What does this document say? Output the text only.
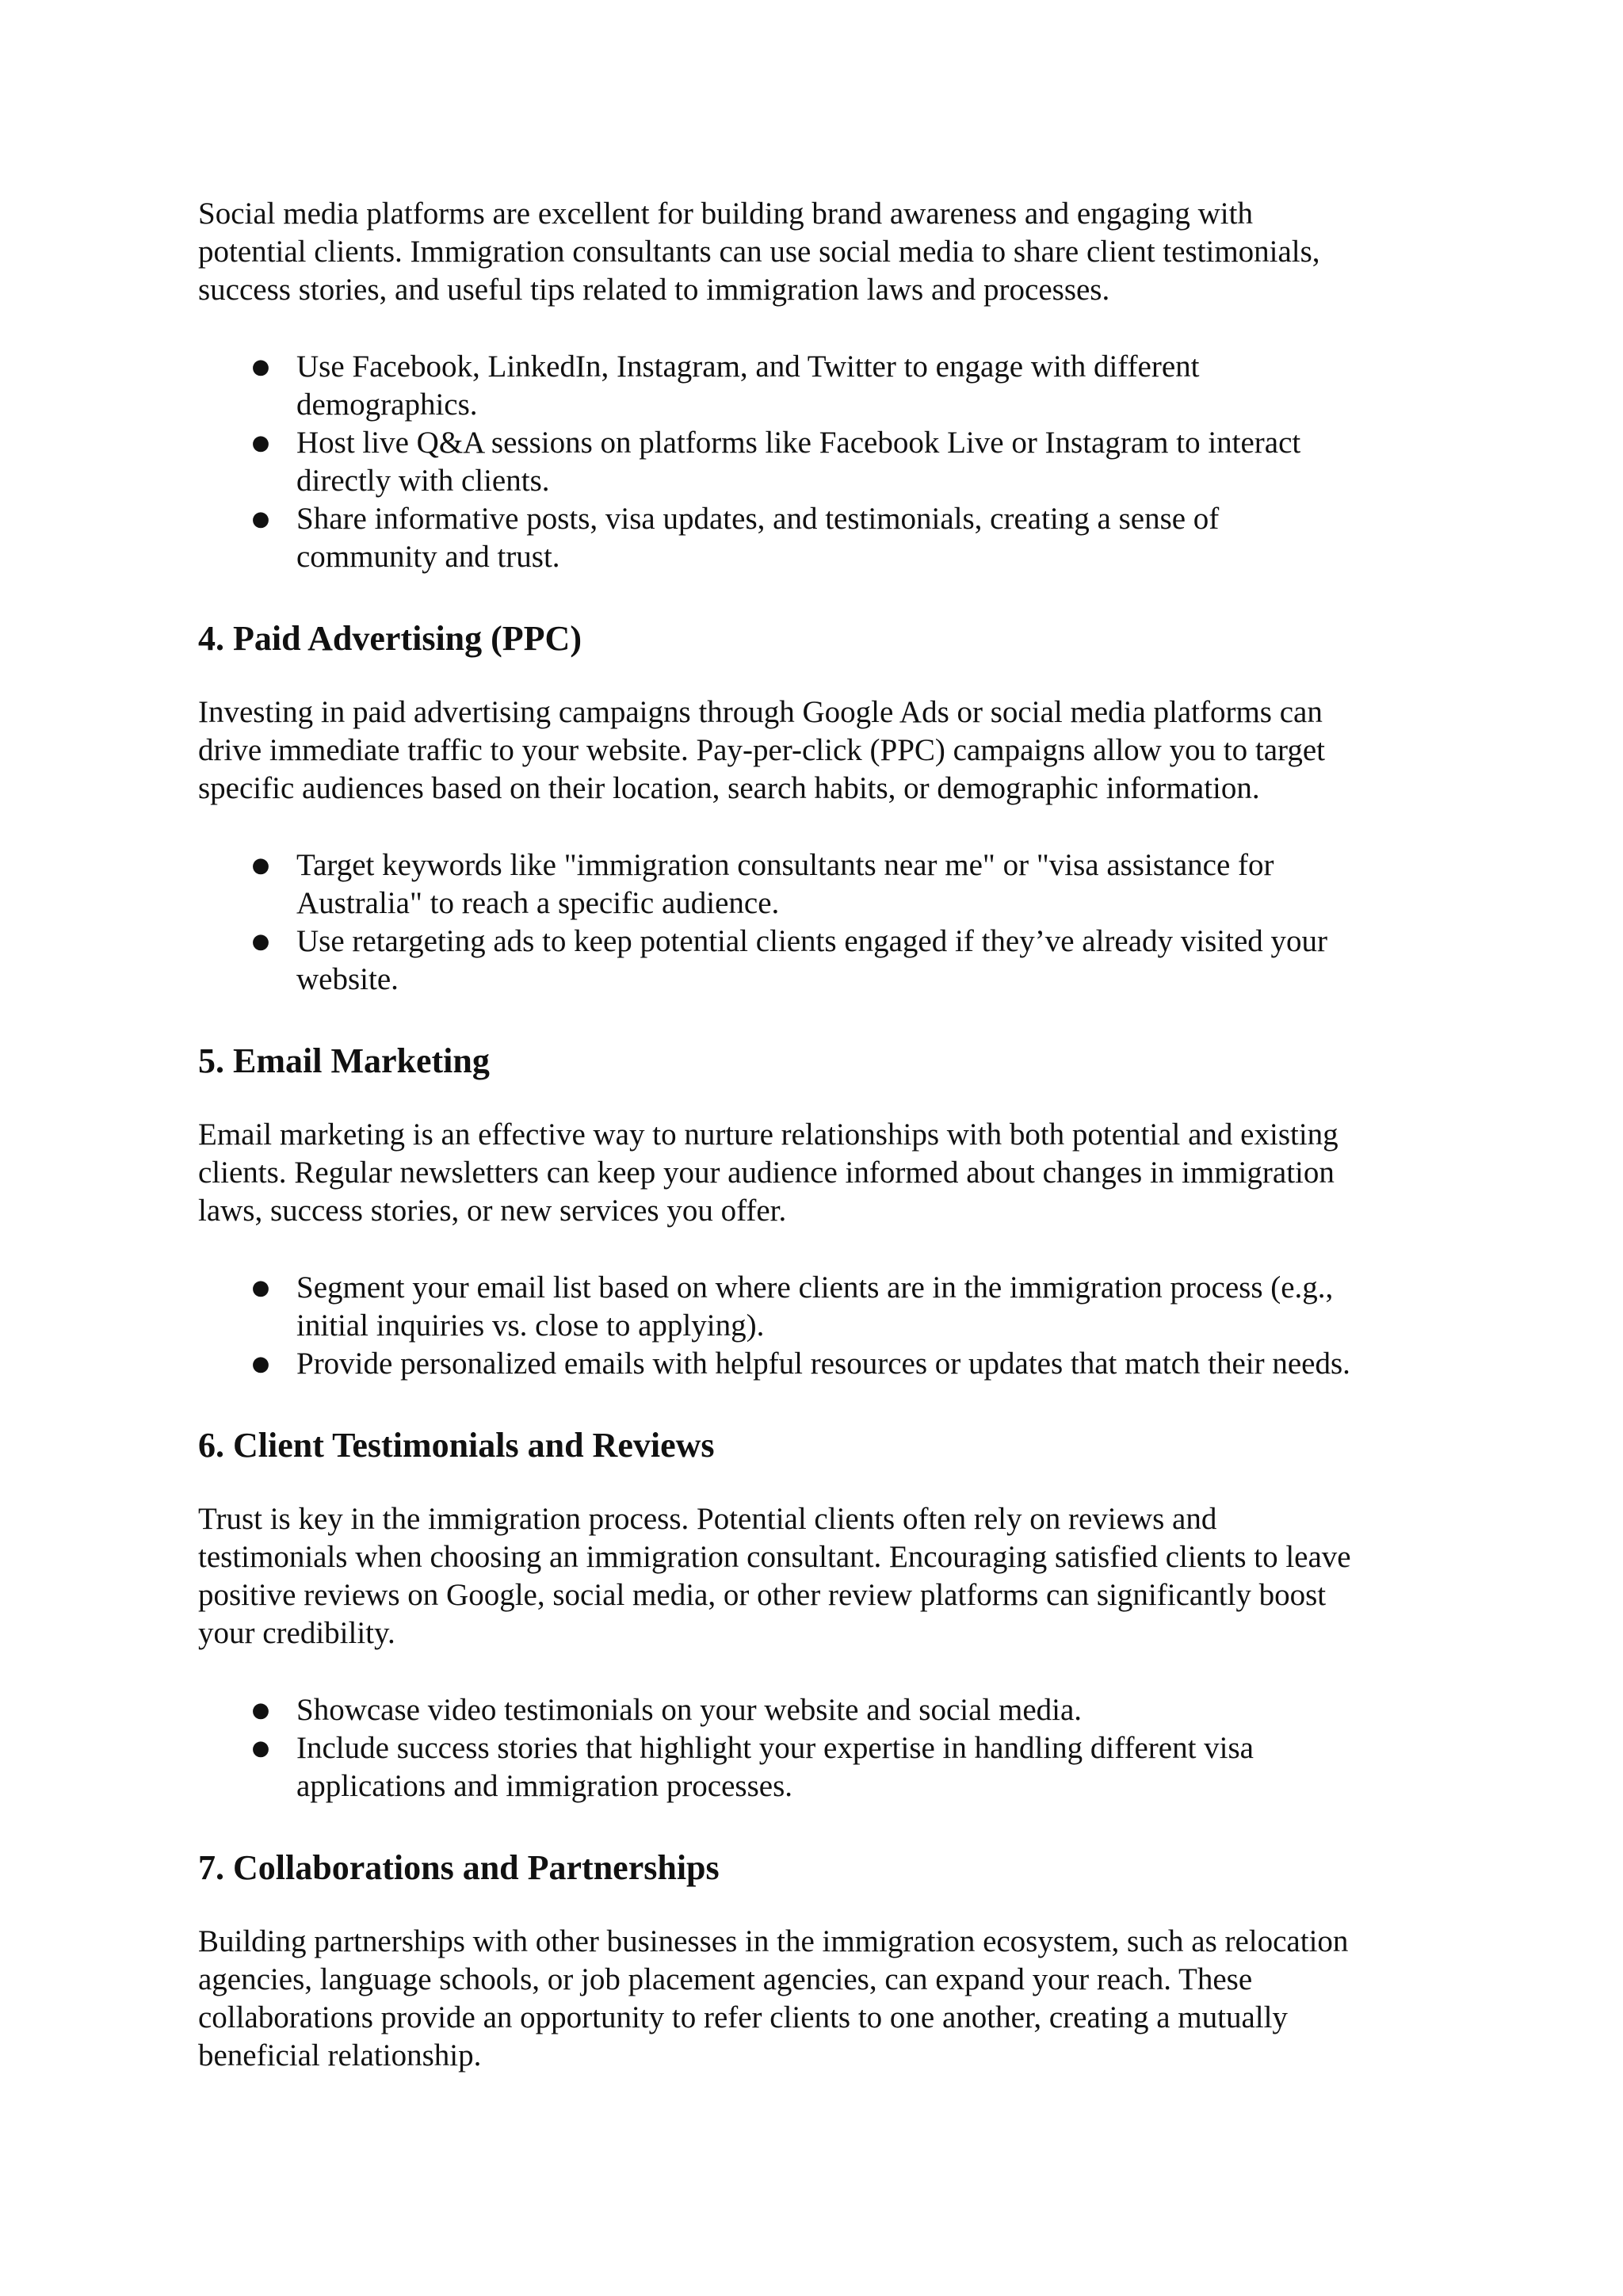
Social media platforms are excellent for building brand awareness and engaging with
potential clients. Immigration consultants can use social media to share client testimonials,
success stories, and useful tips related to immigration laws and processes.

● Use Facebook, LinkedIn, Instagram, and Twitter to engage with different
demographics.
● Host live Q&A sessions on platforms like Facebook Live or Instagram to interact
directly with clients.
● Share informative posts, visa updates, and testimonials, creating a sense of
community and trust.
4. Paid Advertising (PPC)

Investing in paid advertising campaigns through Google Ads or social media platforms can
drive immediate traffic to your website. Pay-per-click (PPC) campaigns allow you to target
specific audiences based on their location, search habits, or demographic information.

● Target keywords like "immigration consultants near me" or "visa assistance for
Australia" to reach a specific audience.
● Use retargeting ads to keep potential clients engaged if they’ve already visited your
website.
5. Email Marketing

Email marketing is an effective way to nurture relationships with both potential and existing
clients. Regular newsletters can keep your audience informed about changes in immigration
laws, success stories, or new services you offer.

● Segment your email list based on where clients are in the immigration process (e.g.,
initial inquiries vs. close to applying).
● Provide personalized emails with helpful resources or updates that match their needs.
6. Client Testimonials and Reviews

Trust is key in the immigration process. Potential clients often rely on reviews and
testimonials when choosing an immigration consultant. Encouraging satisfied clients to leave
positive reviews on Google, social media, or other review platforms can significantly boost
your credibility.

● Showcase video testimonials on your website and social media.
● Include success stories that highlight your expertise in handling different visa
applications and immigration processes.
7. Collaborations and Partnerships

Building partnerships with other businesses in the immigration ecosystem, such as relocation
agencies, language schools, or job placement agencies, can expand your reach. These
collaborations provide an opportunity to refer clients to one another, creating a mutually
beneficial relationship.
